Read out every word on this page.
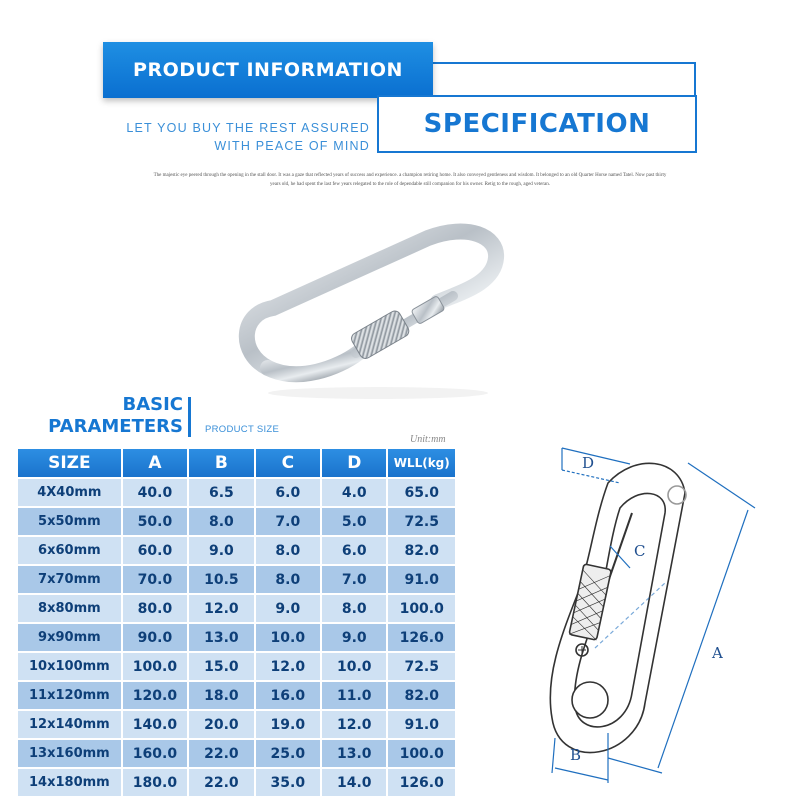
PRODUCT INFORMATION
SPECIFICATION
LET YOU BUY THE REST ASSURED
WITH PEACE OF MIND
The majestic eye peered through the opening in the stall door. It was a gaze that reflected years of success and experience. a champion retiring home. It also conveyed gentleness and wisdom. It belonged to an old Quarter Horse named Tatel. Now past thirty years old, he had spent the last few years relegated to the role of dependable still companion for his owner. Retig to the rough, aged veteran.
BASIC
PARAMETERS PRODUCT SIZE
Unit:mm
SIZE	A	B	C	D	WLL(kg)
4X40mm	40.0	6.5	6.0	4.0	65.0
5x50mm	50.0	8.0	7.0	5.0	72.5
6x60mm	60.0	9.0	8.0	6.0	82.0
7x70mm	70.0	10.5	8.0	7.0	91.0
8x80mm	80.0	12.0	9.0	8.0	100.0
9x90mm	90.0	13.0	10.0	9.0	126.0
10x100mm	100.0	15.0	12.0	10.0	72.5
11x120mm	120.0	18.0	16.0	11.0	82.0
12x140mm	140.0	20.0	19.0	12.0	91.0
13x160mm	160.0	22.0	25.0	13.0	100.0
14x180mm	180.0	22.0	35.0	14.0	126.0
D
C
A
B
